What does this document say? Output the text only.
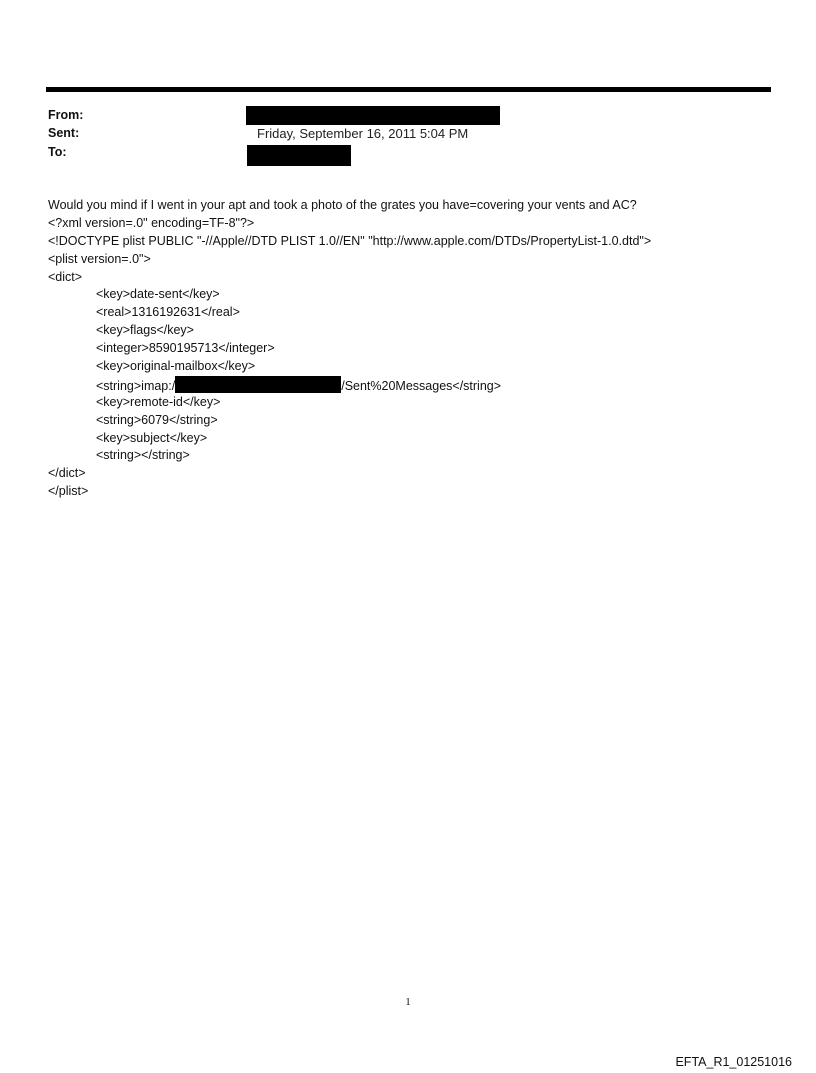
From:
Sent:	Friday, September 16, 2011 5:04 PM
To:
Would you mind if I went in your apt and took a photo of the grates you have=covering your vents and AC?
<?xml version=.0" encoding=TF-8"?>
<!DOCTYPE plist PUBLIC "-//Apple//DTD PLIST 1.0//EN" "http://www.apple.com/DTDs/PropertyList-1.0.dtd">
<plist version=.0">
<dict>
<key>date-sent</key>
<real>1316192631</real>
<key>flags</key>
<integer>8590195713</integer>
<key>original-mailbox</key>
<string>imap:/	/Sent%20Messages</string>
<key>remote-id</key>
<string>6079</string>
<key>subject</key>
<string></string>
</dict>
</plist>
1
EFTA_R1_01251016
